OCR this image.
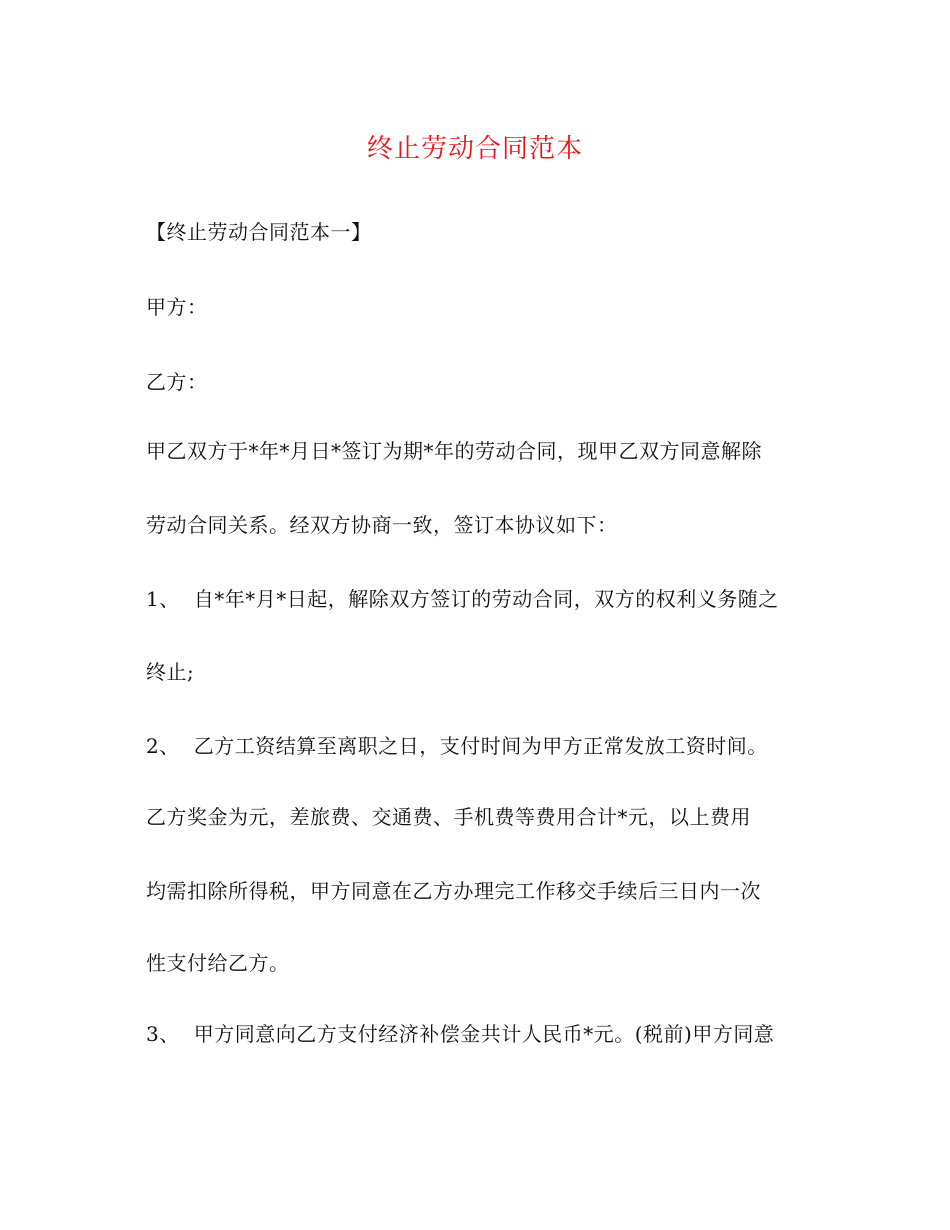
终止劳动合同范本
【终止劳动合同范本一】
甲方：
乙方：
甲乙双方于*年*月日*签订为期*年的劳动合同，现甲乙双方同意解除
劳动合同关系。经双方协商一致，签订本协议如下：
1、 自*年*月*日起，解除双方签订的劳动合同，双方的权利义务随之
终止;
2、 乙方工资结算至离职之日，支付时间为甲方正常发放工资时间。
乙方奖金为元，差旅费、交通费、手机费等费用合计*元，以上费用
均需扣除所得税，甲方同意在乙方办理完工作移交手续后三日内一次
性支付给乙方。
3、 甲方同意向乙方支付经济补偿金共计人民币*元。(税前)甲方同意
